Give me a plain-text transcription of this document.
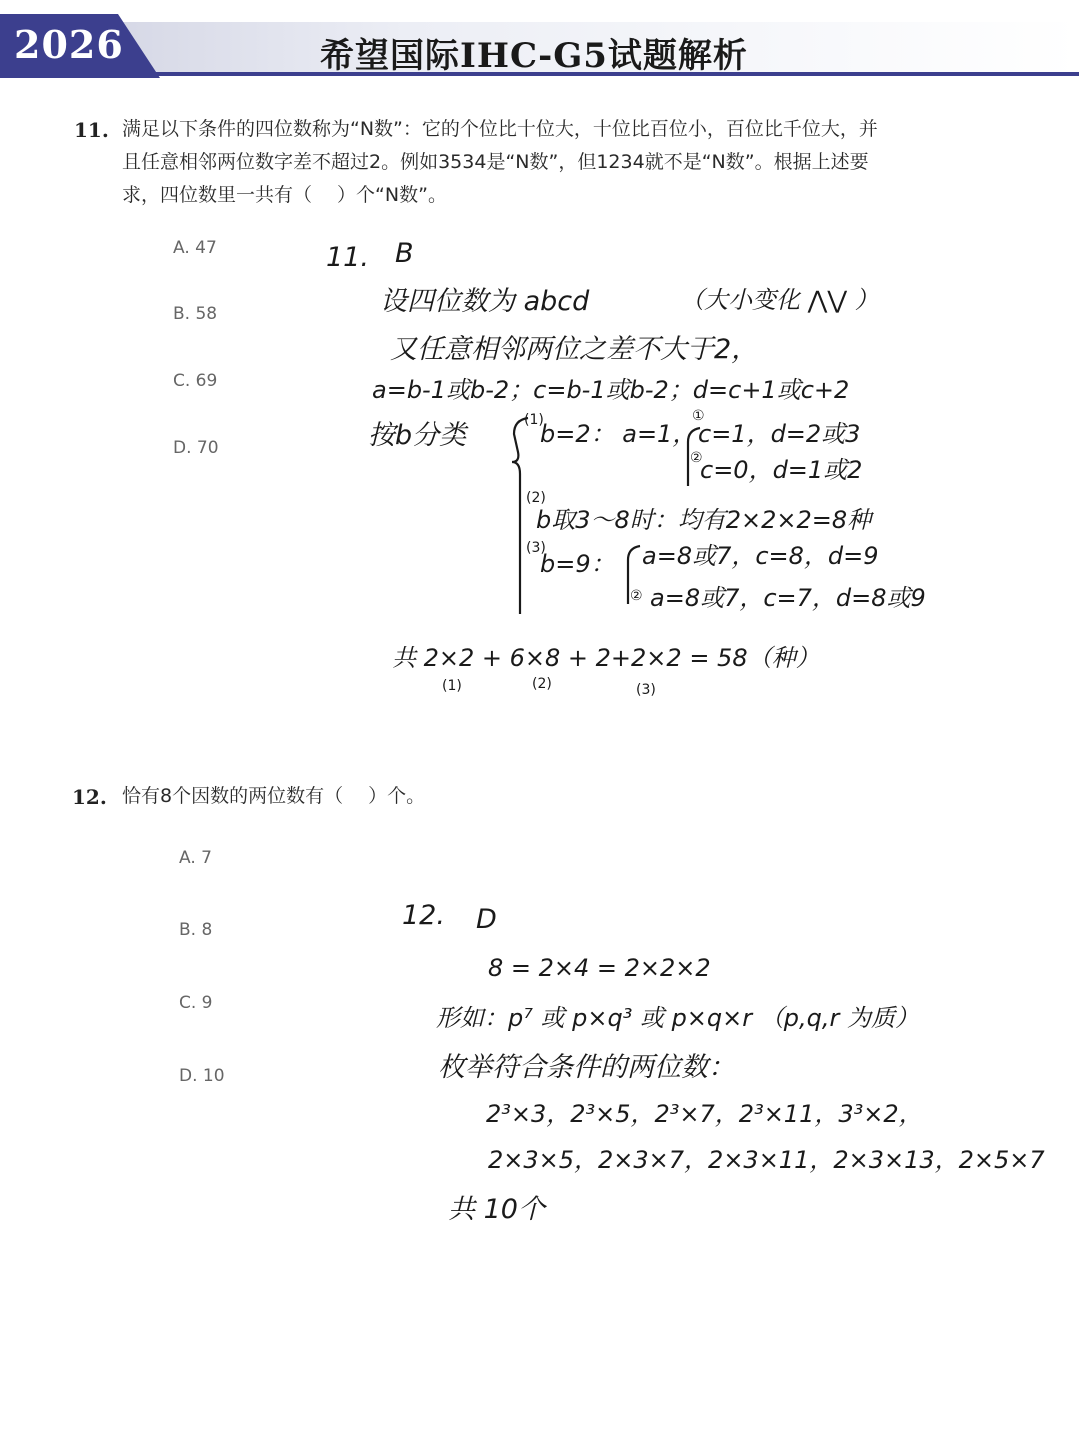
2026	希望国际IHC-G5试题解析
11. 满足以下条件的四位数称为“N数”：它的个位比十位大，十位比百位小，百位比千位大，并
且任意相邻两位数字差不超过2。例如3534是“N数”，但1234就不是“N数”。根据上述要
求，四位数里一共有（　 ）个“N数”。
A. 47
B. 58
C. 69
D. 70
11. B
设四位数为 abcd	（大小变化 ⋀⋁ ）
又任意相邻两位之差不大于2，
a=b-1或b-2；c=b-1或b-2；d=c+1或c+2
按b分类	(1)
b=2： a=1，
①
c=1，d=2或3
②
c=0，d=1或2
(2)
b取3～8时：均有2×2×2=8种
(3)
b=9： a=8或7，c=8，d=9
② a=8或7，c=7，d=8或9
共 2×2 + 6×8 + 2+2×2 = 58（种）
(1)	(2)	(3)
12. D
8 = 2×4 = 2×2×2
形如：p⁷ 或 p×q³ 或 p×q×r （p,q,r 为质）
枚举符合条件的两位数：
2³×3，2³×5，2³×7，2³×11，3³×2，
2×3×5，2×3×7，2×3×11，2×3×13，2×5×7
共 10个
12. 恰有8个因数的两位数有（　 ）个。
A. 7
B. 8
C. 9
D. 10
